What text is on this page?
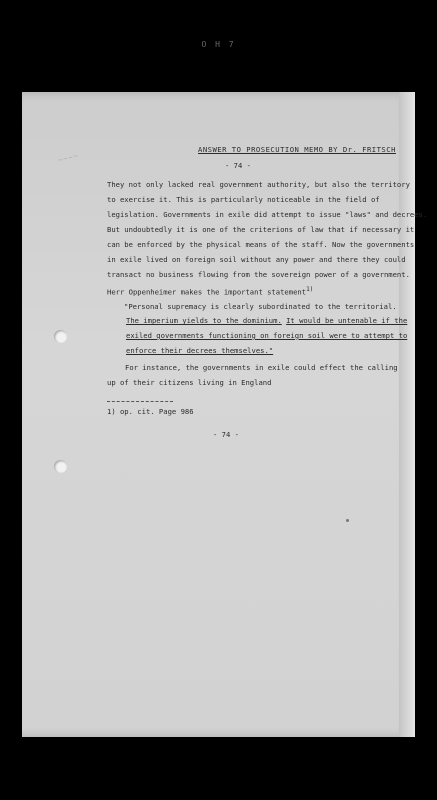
O H 7
~~~~
ANSWER TO PROSECUTION MEMO BY Dr. FRITSCH
- 74 -
They not only lacked real government authority, but also the territory
to exercise it. This is particularly noticeable in the field of
legislation. Governments in exile did attempt to issue "laws" and decrees.
But undoubtedly it is one of the criterions of law that if necessary it
can be enforced by the physical means of the staff. Now the governments
in exile lived on foreign soil without any power and there they could
transact no business flowing from the sovereign power of a government.
Herr Oppenheimer makes the important statement$^{1)}$
"Personal supremacy is clearly subordinated to the territorial.
The imperium yields to the dominium. It would be untenable if the
exiled governments functioning on foreign soil were to attempt to
enforce their decrees themselves."
For instance, the governments in exile could effect the calling
up of their citizens living in England
1) op. cit. Page 986
- 74 -
